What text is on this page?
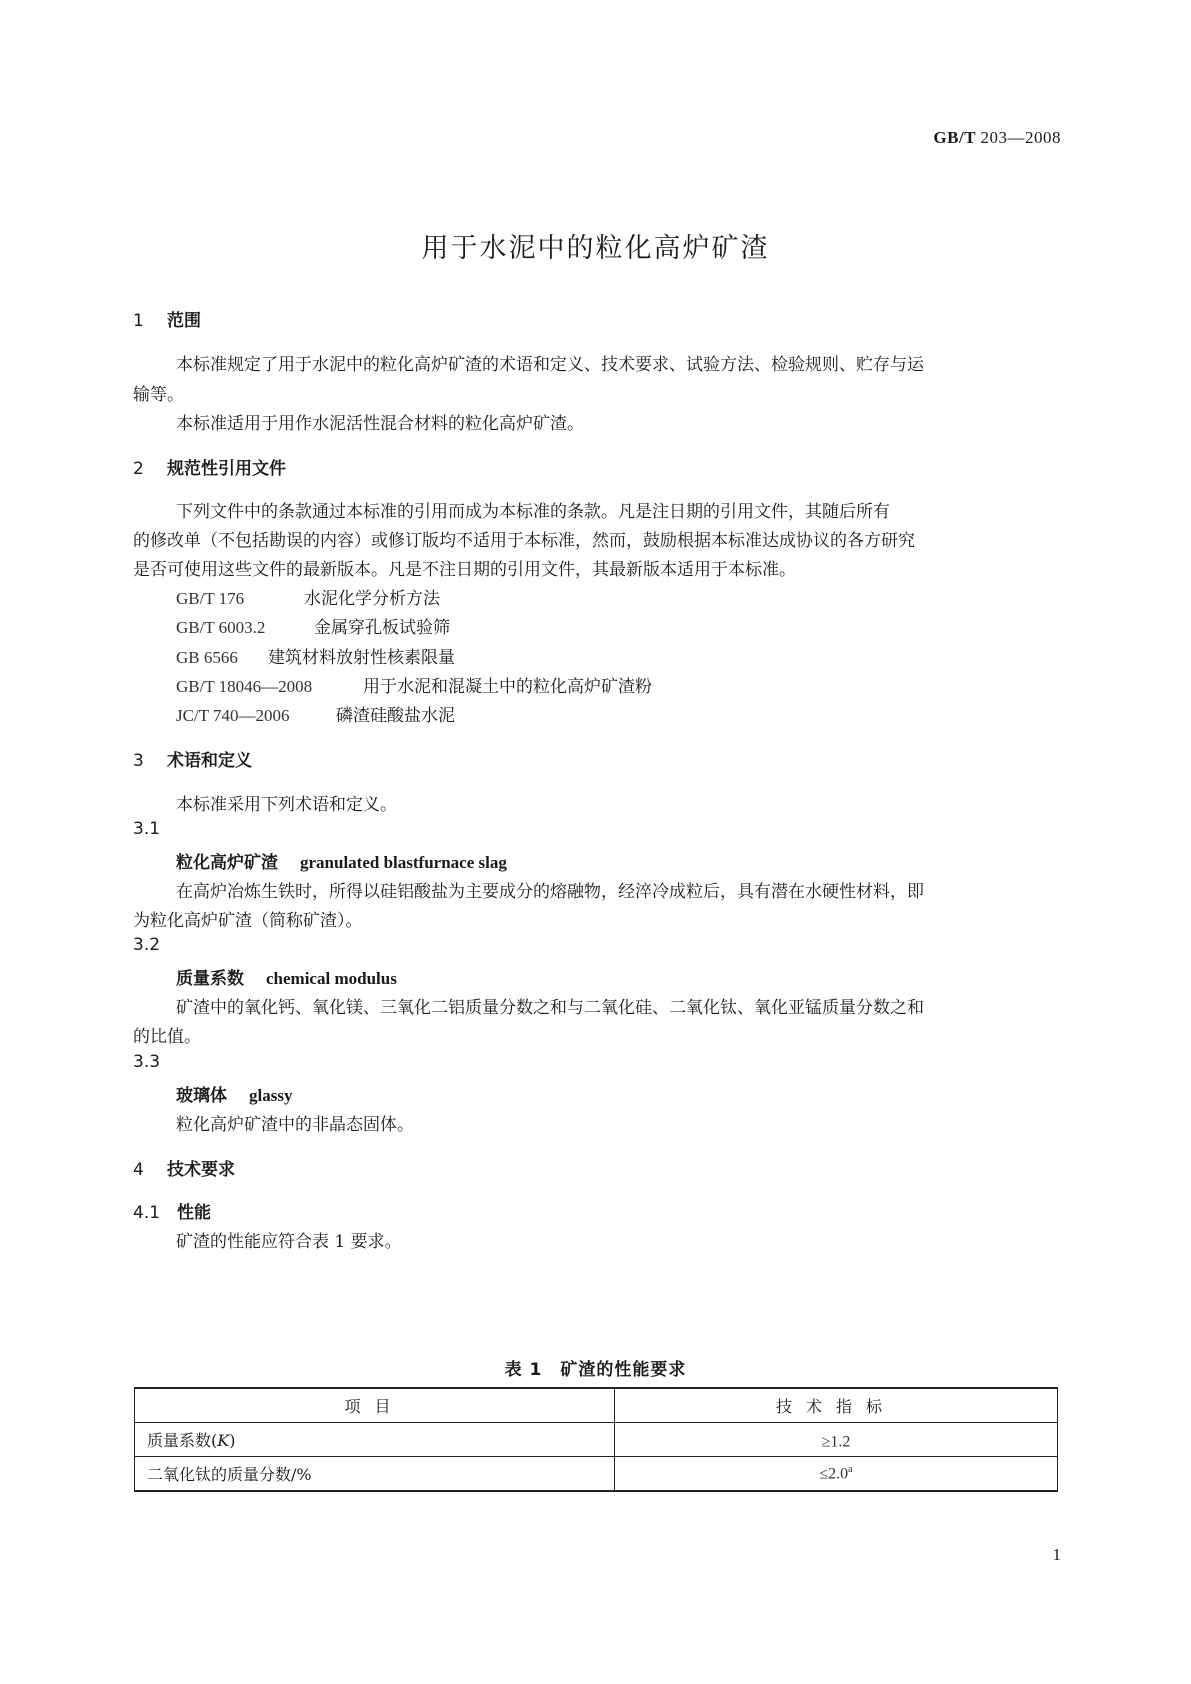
GB/T 203—2008
用于水泥中的粒化高炉矿渣
1 范围
本标准规定了用于水泥中的粒化高炉矿渣的术语和定义、技术要求、试验方法、检验规则、贮存与运
输等。
本标准适用于用作水泥活性混合材料的粒化高炉矿渣。
2 规范性引用文件
下列文件中的条款通过本标准的引用而成为本标准的条款。凡是注日期的引用文件，其随后所有
的修改单（不包括勘误的内容）或修订版均不适用于本标准，然而，鼓励根据本标准达成协议的各方研究
是否可使用这些文件的最新版本。凡是不注日期的引用文件，其最新版本适用于本标准。
GB/T 176	水泥化学分析方法
GB/T 6003.2	金属穿孔板试验筛
GB 6566 建筑材料放射性核素限量
GB/T 18046—2008	用于水泥和混凝土中的粒化高炉矿渣粉
JC/T 740—2006	磷渣硅酸盐水泥
3 术语和定义
本标准采用下列术语和定义。
3.1
粒化高炉矿渣 granulated blastfurnace slag
在高炉冶炼生铁时，所得以硅铝酸盐为主要成分的熔融物，经淬冷成粒后，具有潜在水硬性材料，即
为粒化高炉矿渣（简称矿渣）。
3.2
质量系数 chemical modulus
矿渣中的氧化钙、氧化镁、三氧化二铝质量分数之和与二氧化硅、二氧化钛、氧化亚锰质量分数之和
的比值。
3.3
玻璃体 glassy
粒化高炉矿渣中的非晶态固体。
4 技术要求
4.1 性能
矿渣的性能应符合表 1 要求。
表 1　矿渣的性能要求
项目	技术指标
质量系数(K)	≥1.2
二氧化钛的质量分数/%	≤2.0$^a$
1
